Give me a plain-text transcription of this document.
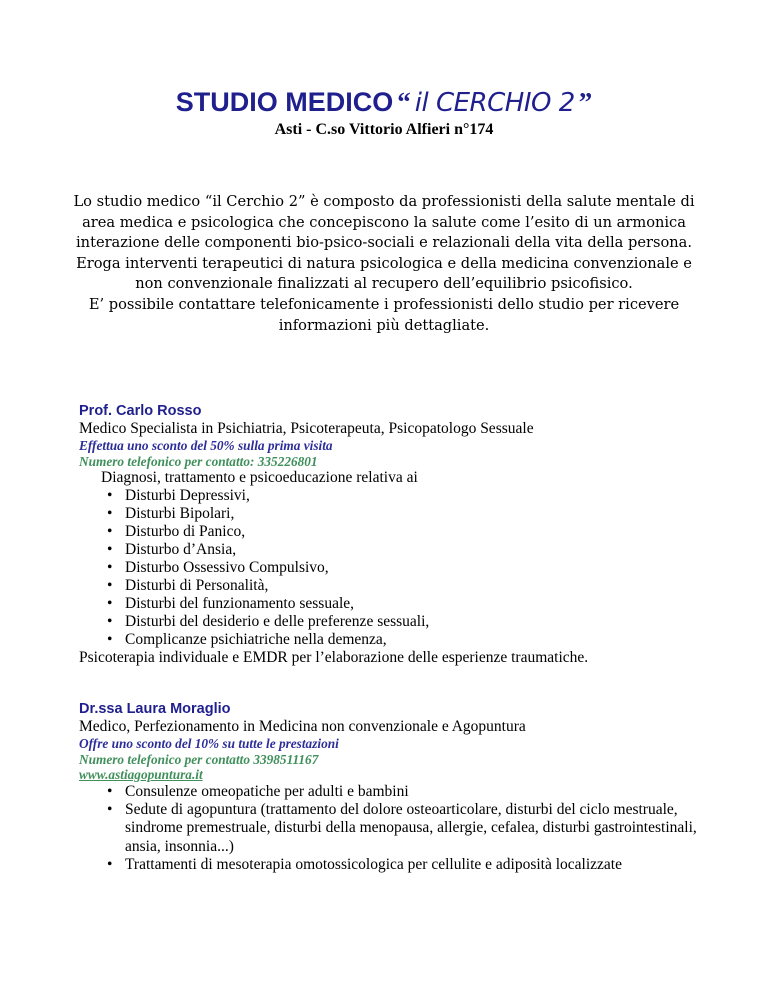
STUDIO MEDICO “ il CERCHIO 2 ”
Asti - C.so Vittorio Alfieri n°174

Lo studio medico “il Cerchio 2” è composto da professionisti della salute mentale di area medica e psicologica che concepiscono la salute come l’esito di un armonica interazione delle componenti bio-psico-sociali e relazionali della vita della persona. Eroga interventi terapeutici di natura psicologica e della medicina convenzionale e non convenzionale finalizzati al recupero dell’equilibrio psicofisico.

E’ possibile contattare telefonicamente i professionisti dello studio per ricevere informazioni più dettagliate.

Prof. Carlo Rosso
Medico Specialista in Psichiatria, Psicoterapeuta, Psicopatologo Sessuale
Effettua uno sconto del 50% sulla prima visita
Numero telefonico per contatto: 335226801
Diagnosi, trattamento e psicoeducazione relativa ai
• Disturbi Depressivi,
• Disturbi Bipolari,
• Disturbo di Panico,
• Disturbo d’Ansia,
• Disturbo Ossessivo Compulsivo,
• Disturbi di Personalità,
• Disturbi del funzionamento sessuale,
• Disturbi del desiderio e delle preferenze sessuali,
• Complicanze psichiatriche nella demenza,
Psicoterapia individuale e EMDR per l’elaborazione delle esperienze traumatiche.
Dr.ssa Laura Moraglio
Medico, Perfezionamento in Medicina non convenzionale e Agopuntura
Offre uno sconto del 10% su tutte le prestazioni
Numero telefonico per contatto 3398511167
www.astiagopuntura.it
• Consulenze omeopatiche per adulti e bambini
• Sedute di agopuntura (trattamento del dolore osteoarticolare, disturbi del ciclo mestruale, sindrome premestruale, disturbi della menopausa, allergie, cefalea, disturbi gastrointestinali, ansia, insonnia...)
• Trattamenti di mesoterapia omotossicologica per cellulite e adiposità localizzate
